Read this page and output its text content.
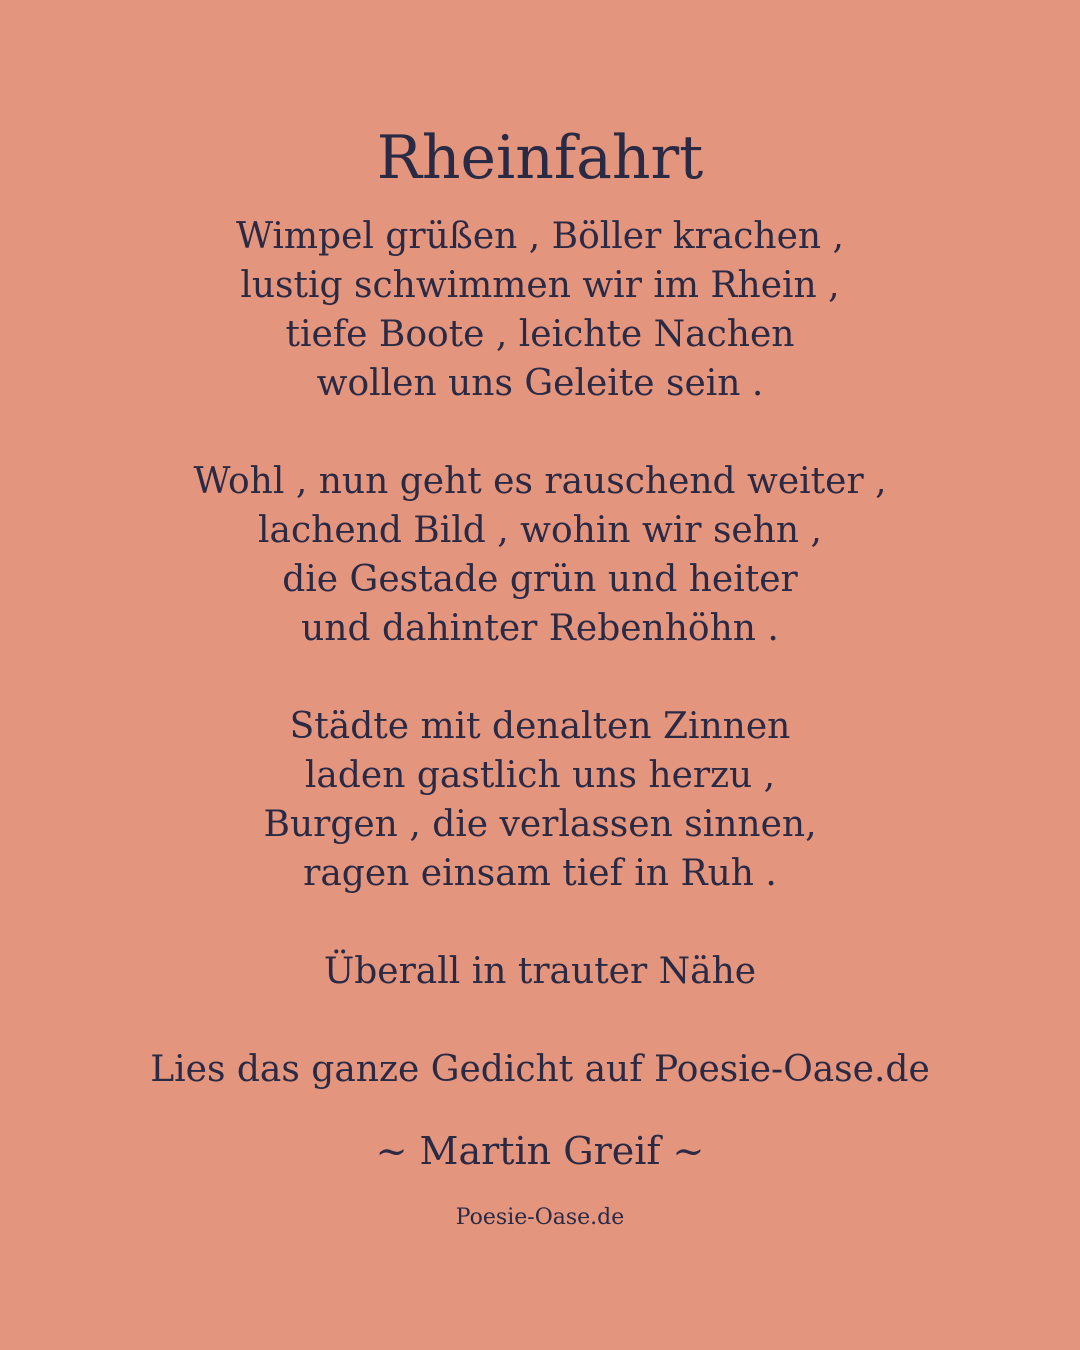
Rheinfahrt
Wimpel grüßen , Böller krachen ,
lustig schwimmen wir im Rhein ,
tiefe Boote , leichte Nachen
wollen uns Geleite sein .
Wohl , nun geht es rauschend weiter ,
lachend Bild , wohin wir sehn ,
die Gestade grün und heiter
und dahinter Rebenhöhn .
Städte mit denalten Zinnen
laden gastlich uns herzu ,
Burgen , die verlassen sinnen,
ragen einsam tief in Ruh .
Überall in trauter Nähe
Lies das ganze Gedicht auf Poesie-Oase.de
~ Martin Greif ~
Poesie-Oase.de
